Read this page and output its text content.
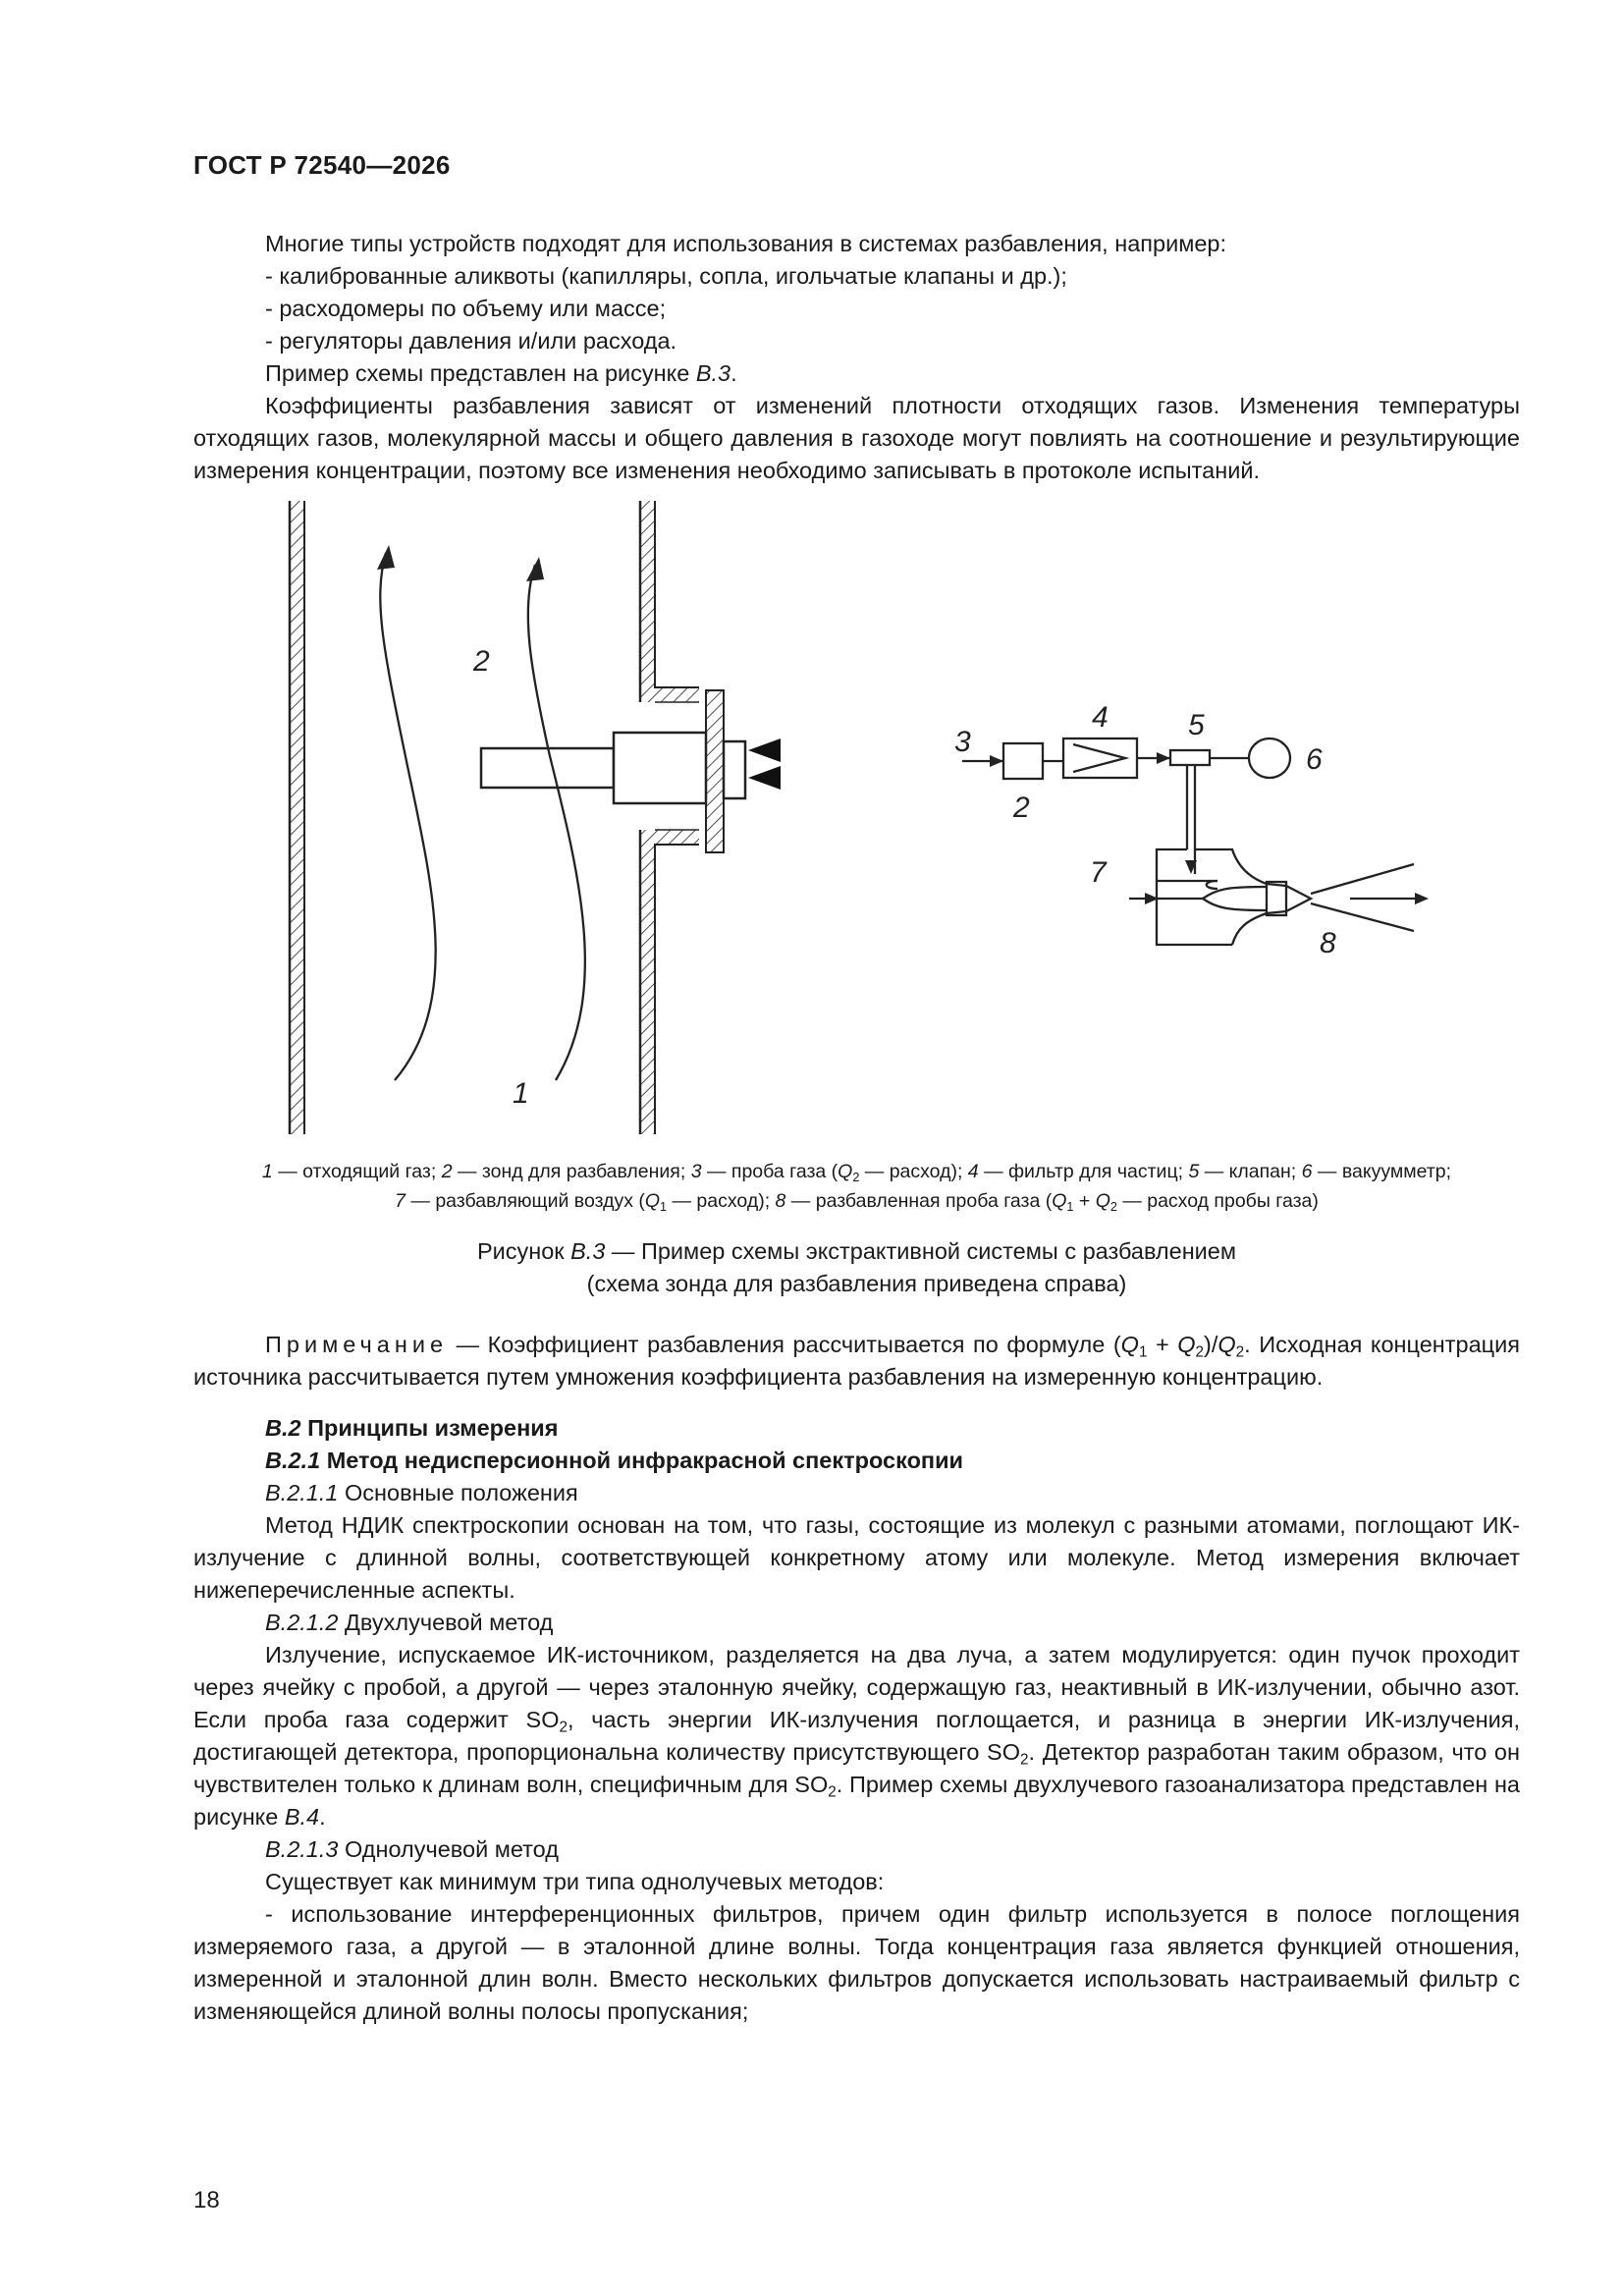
ГОСТ Р 72540—2026

Многие типы устройств подходят для использования в системах разбавления, например:

- калиброванные аликвоты (капилляры, сопла, игольчатые клапаны и др.);

- расходомеры по объему или массе;

- регуляторы давления и/или расхода.

Пример схемы представлен на рисунке В.3.

Коэффициенты разбавления зависят от изменений плотности отходящих газов. Изменения температуры отходящих газов, молекулярной массы и общего давления в газоходе могут повлиять на соотношение и результирующие измерения концентрации, поэтому все изменения необходимо записывать в протоколе испытаний.

2
1
3
2
4	5
6
7
8
1 — отходящий газ; 2 — зонд для разбавления; 3 — проба газа ($Q_2$ — расход); 4 — фильтр для частиц; 5 — клапан; 6 — вакуумметр;
7 — разбавляющий воздух ($Q_1$ — расход); 8 — разбавленная проба газа ($Q_1 + Q_2$ — расход пробы газа)
Рисунок В.3 — Пример схемы экстрактивной системы с разбавлением
(схема зонда для разбавления приведена справа)

Примечание — Коэффициент разбавления рассчитывается по формуле $(Q_1 + Q_2)/Q_2$. Исходная концентрация источника рассчитывается путем умножения коэффициента разбавления на измеренную концентрацию.

В.2 Принципы измерения

В.2.1 Метод недисперсионной инфракрасной спектроскопии

В.2.1.1 Основные положения

Метод НДИК спектроскопии основан на том, что газы, состоящие из молекул с разными атомами, поглощают ИК-излучение с длинной волны, соответствующей конкретному атому или молекуле. Метод измерения включает нижеперечисленные аспекты.

В.2.1.2 Двухлучевой метод

Излучение, испускаемое ИК-источником, разделяется на два луча, а затем модулируется: один пучок проходит через ячейку с пробой, а другой — через эталонную ячейку, содержащую газ, неактивный в ИК-излучении, обычно азот. Если проба газа содержит $SO_2$, часть энергии ИК-излучения поглощается, и разница в энергии ИК-излучения, достигающей детектора, пропорциональна количеству присутствующего $SO_2$. Детектор разработан таким образом, что он чувствителен только к длинам волн, специфичным для $SO_2$. Пример схемы двухлучевого газоанализатора представлен на рисунке В.4.

В.2.1.3 Однолучевой метод

Существует как минимум три типа однолучевых методов:

- использование интерференционных фильтров, причем один фильтр используется в полосе поглощения измеряемого газа, а другой — в эталонной длине волны. Тогда концентрация газа является функцией отношения, измеренной и эталонной длин волн. Вместо нескольких фильтров допускается использовать настраиваемый фильтр с изменяющейся длиной волны полосы пропускания;

18
